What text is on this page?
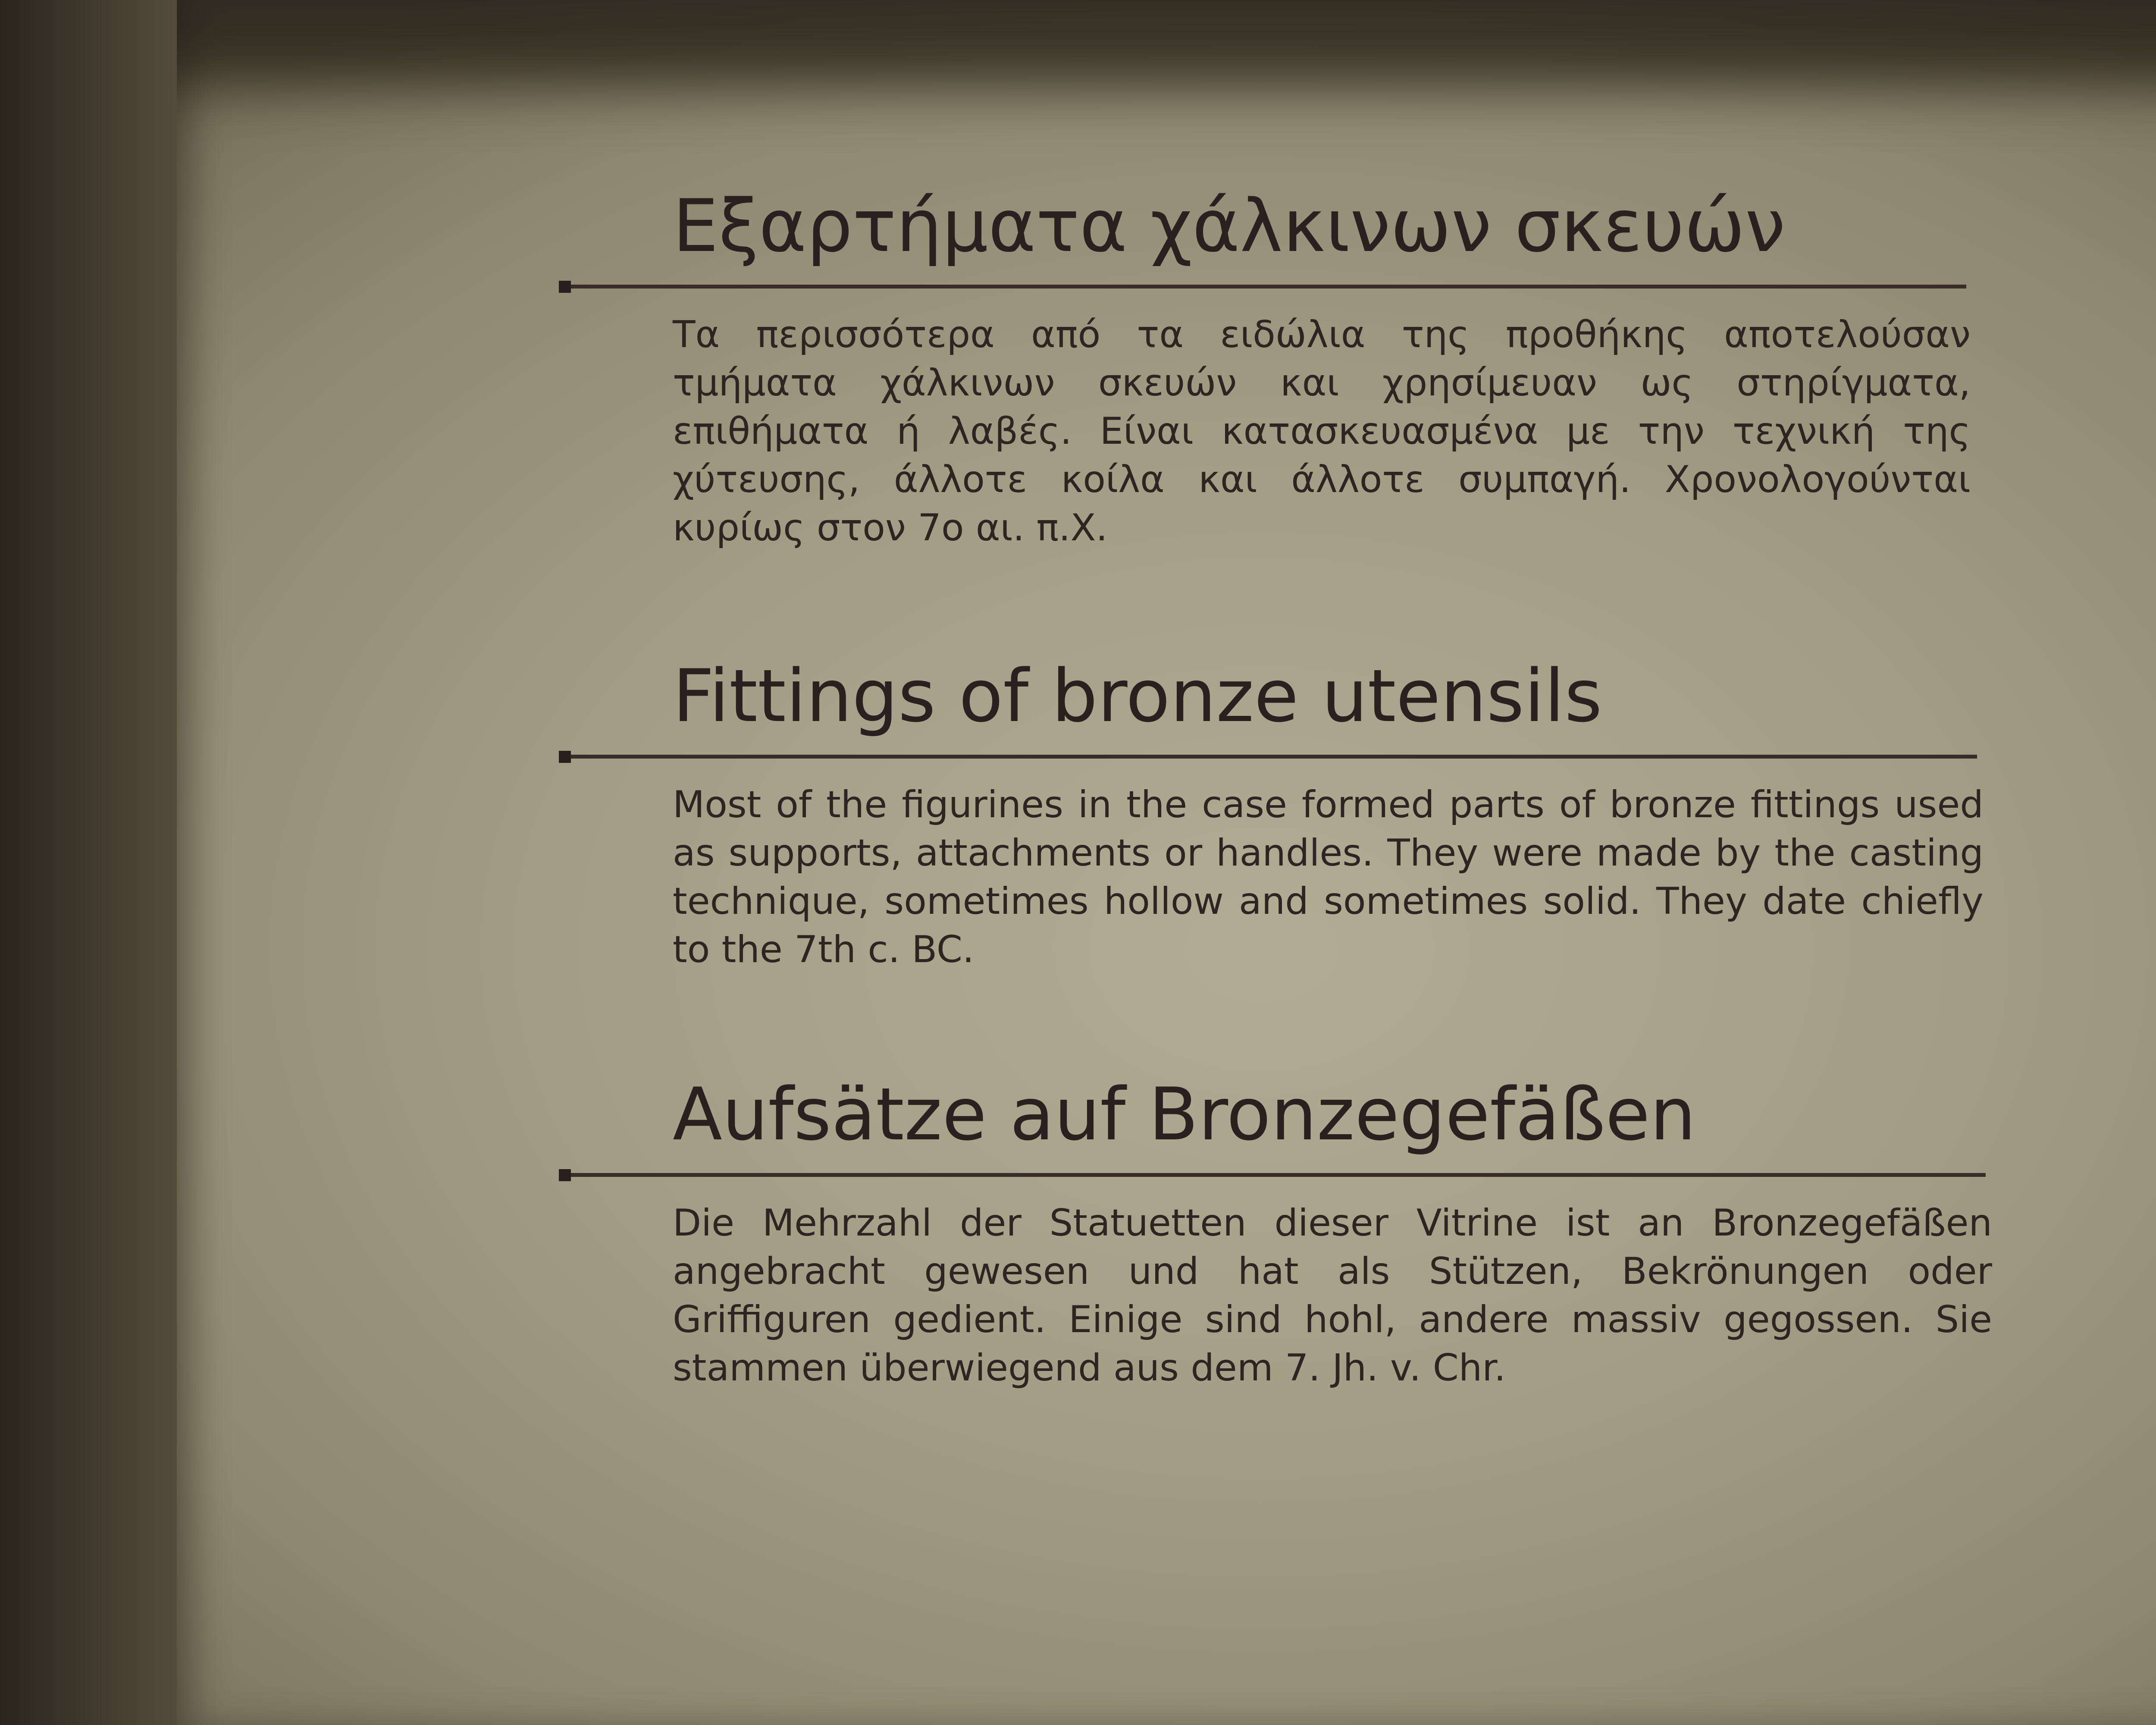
Εξαρτήματα χάλκινων σκευών

Τα περισσότερα από τα ειδώλια της προθήκης αποτελούσαν τμήματα χάλκινων σκευών και χρησίμευαν ως στηρίγματα, επιθήματα ή λαβές. Είναι κατασκευασμένα με την τεχνική της χύτευσης, άλλοτε κοίλα και άλλοτε συμπαγή. Χρονολογούνται κυρίως στον 7ο αι. π.Χ.

Fittings of bronze utensils

Most of the figurines in the case formed parts of bronze fittings used as supports, attachments or handles. They were made by the casting technique, sometimes hollow and sometimes solid. They date chiefly to the 7th c. BC.

Aufsätze auf Bronzegefäßen

Die Mehrzahl der Statuetten dieser Vitrine ist an Bronzegefäßen angebracht gewesen und hat als Stützen, Bekrönungen oder Griffiguren gedient. Einige sind hohl, andere massiv gegossen. Sie stammen überwiegend aus dem 7. Jh. v. Chr.
